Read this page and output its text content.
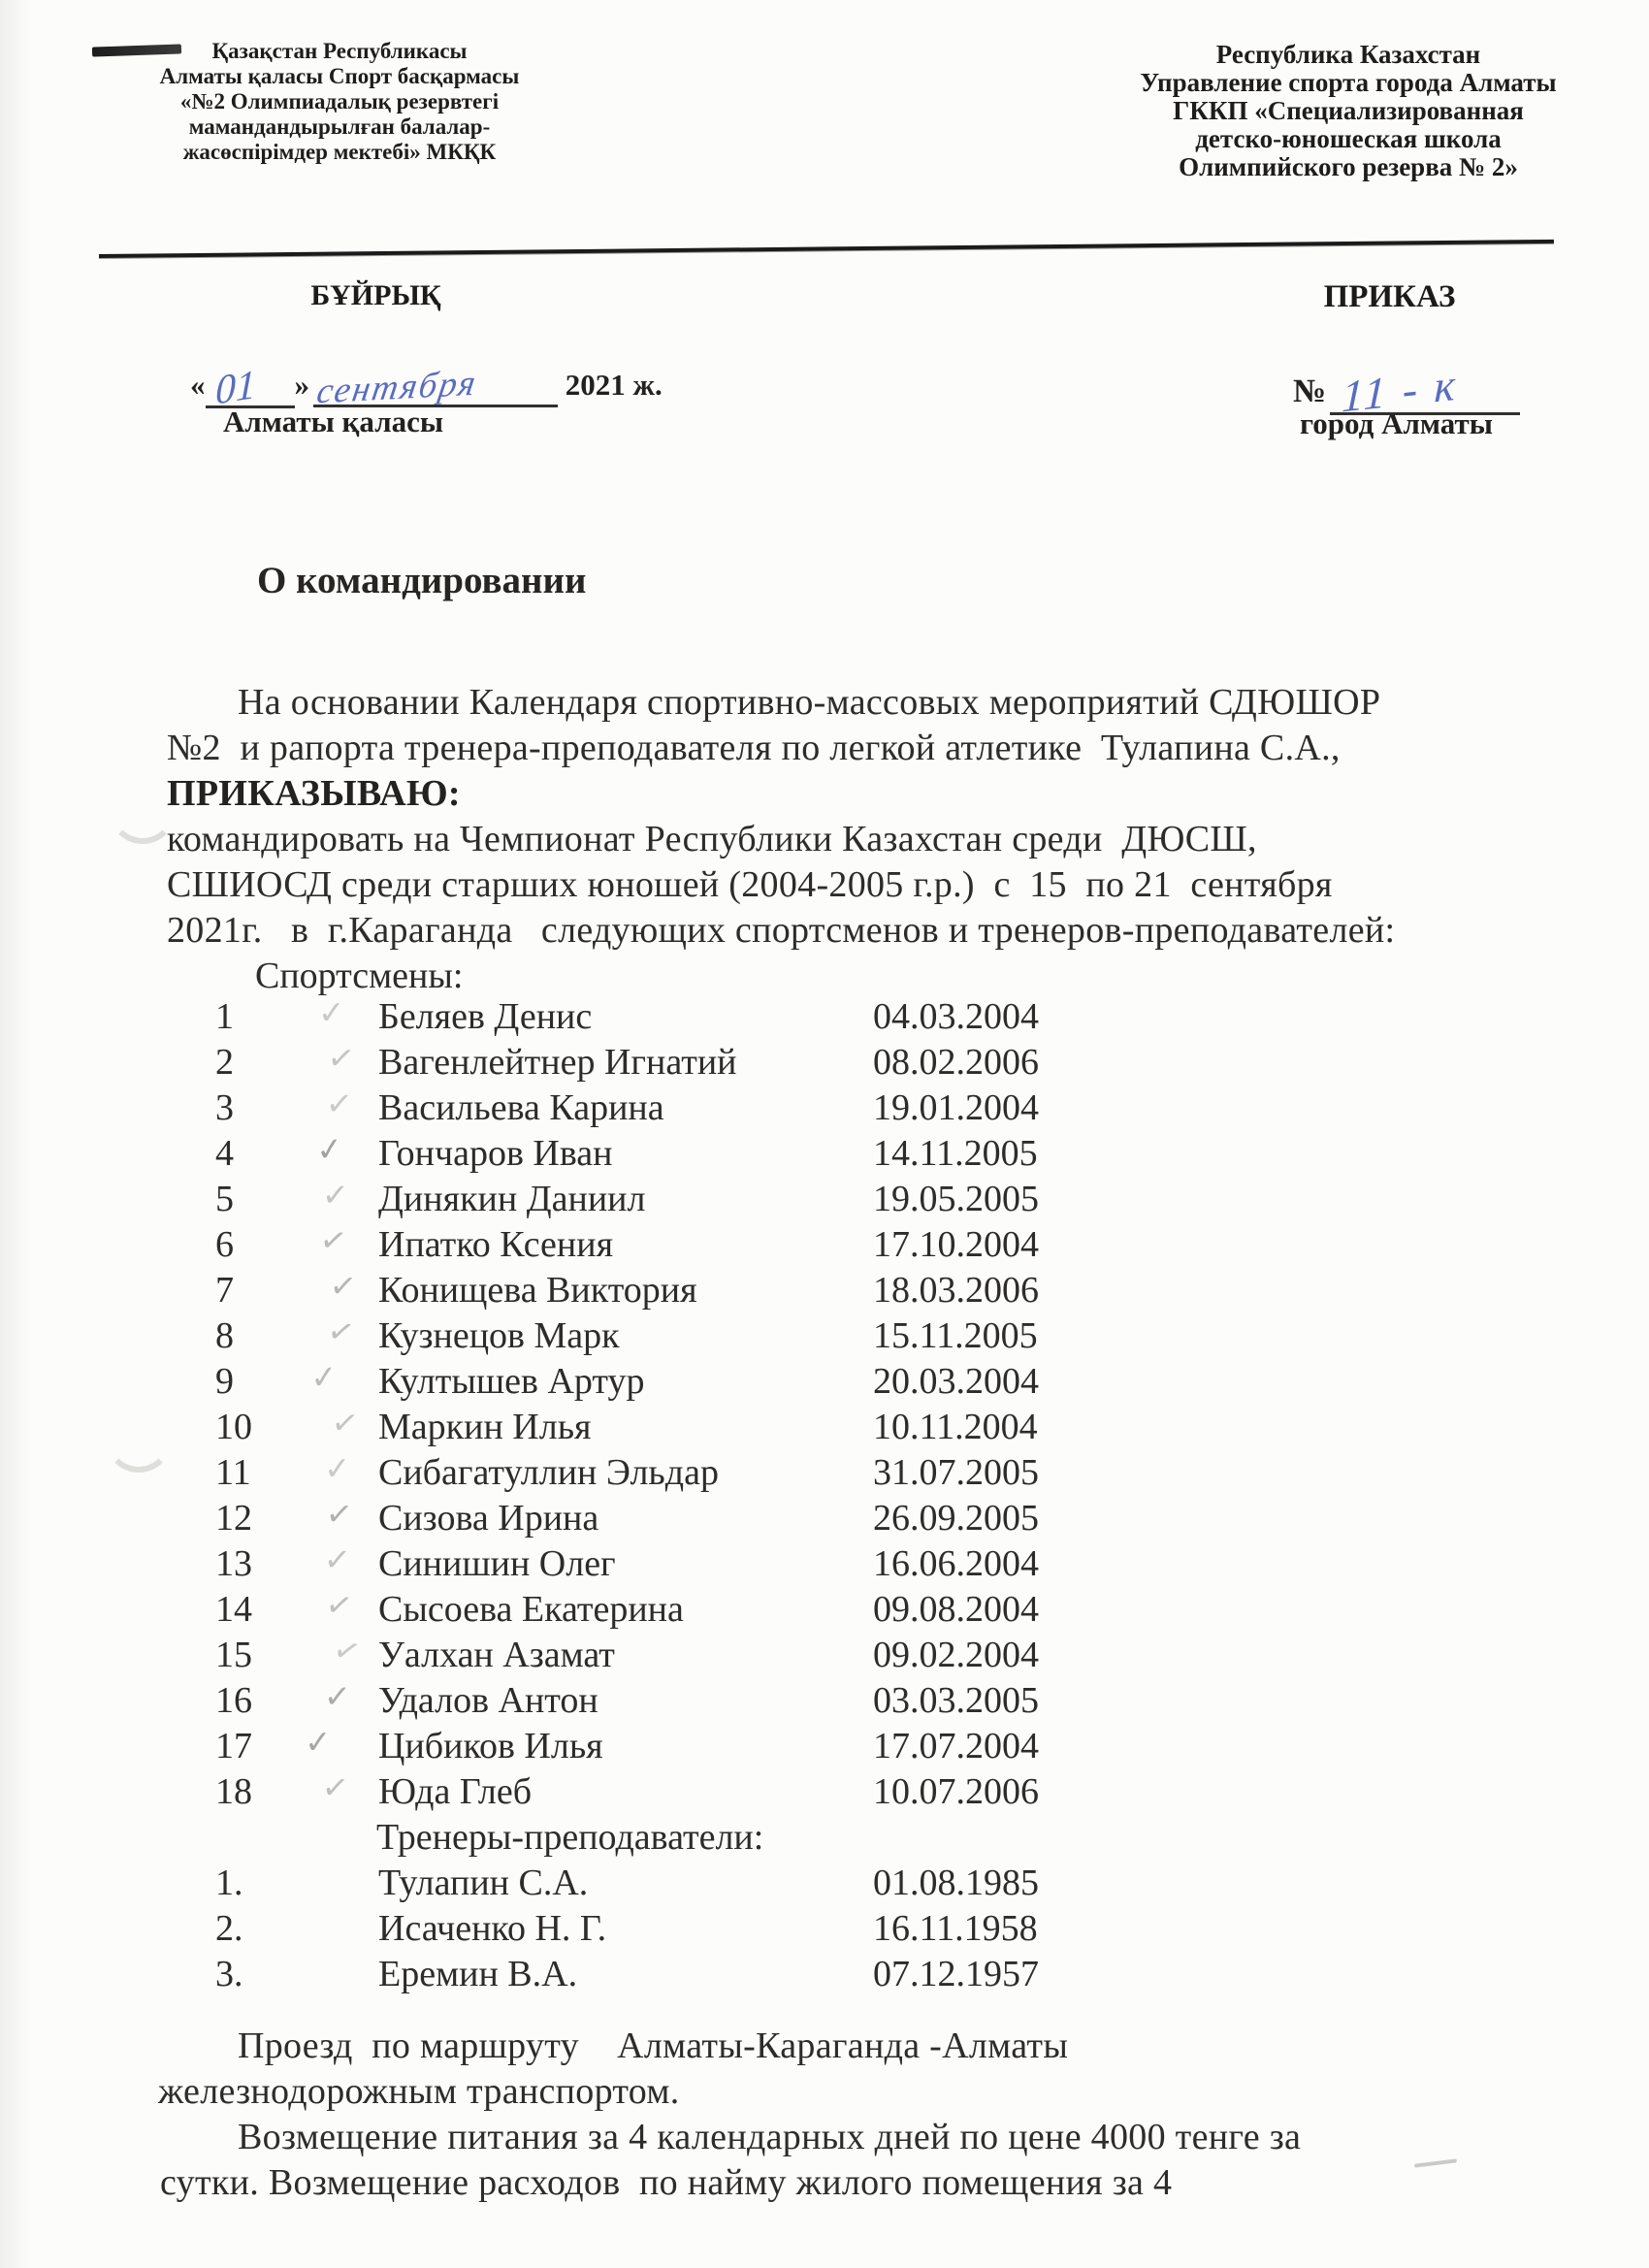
Қазақстан Республикасы
Алматы қаласы Спорт басқармасы
«№2 Олимпиадалық резервтегі
мамандандырылған балалар-
жасөспірімдер мектебі» МКҚК
Республика Казахстан
Управление спорта города Алматы
ГККП «Специализированная
детско-юношеская школа
Олимпийского резерва № 2»
БҰЙРЫҚ	ПРИКАЗ
« 01 » сентября	2021 ж.
Алматы қаласы
№ 11 - к
город Алматы
О командировании
На основании Календаря спортивно-массовых мероприятий СДЮШОР
№2  и рапорта тренера-преподавателя по легкой атлетике  Тулапина С.А.,
ПРИКАЗЫВАЮ:
командировать на Чемпионат Республики Казахстан среди  ДЮСШ,
СШИОСД среди старших юношей (2004-2005 г.р.)  с  15  по 21  сентября
2021г.   в  г.Караганда   следующих спортсменов и тренеров-преподавателей:
Спортсмены:
1	✓ Беляев Денис	04.03.2004
2	✓ Вагенлейтнер Игнатий	08.02.2006
3	✓ Васильева Карина	19.01.2004
4	✓ Гончаров Иван	14.11.2005
5	✓ Динякин Даниил	19.05.2005
6	✓ Ипатко Ксения	17.10.2004
7	✓ Конищева Виктория	18.03.2006
8	✓ Кузнецов Марк	15.11.2005
9 ✓ Култышев Артур	20.03.2004
10 ✓ Маркин Илья	10.11.2004
11 ✓ Сибагатуллин Эльдар	31.07.2005
12 ✓ Сизова Ирина	26.09.2005
13 ✓ Синишин Олег	16.06.2004
14 ✓ Сысоева Екатерина	09.08.2004
15 ✓ Уалхан Азамат	09.02.2004
16 ✓ Удалов Антон	03.03.2005
17 ✓ Цибиков Илья	17.07.2004
18 ✓ Юда Глеб	10.07.2006
Тренеры-преподаватели:
1.	Тулапин С.А.	01.08.1985
2.	Исаченко Н. Г.	16.11.1958
3.	Еремин В.А.	07.12.1957
Проезд  по маршруту    Алматы-Караганда -Алматы
железнодорожным транспортом.
Возмещение питания за 4 календарных дней по цене 4000 тенге за
сутки. Возмещение расходов  по найму жилого помещения за 4
